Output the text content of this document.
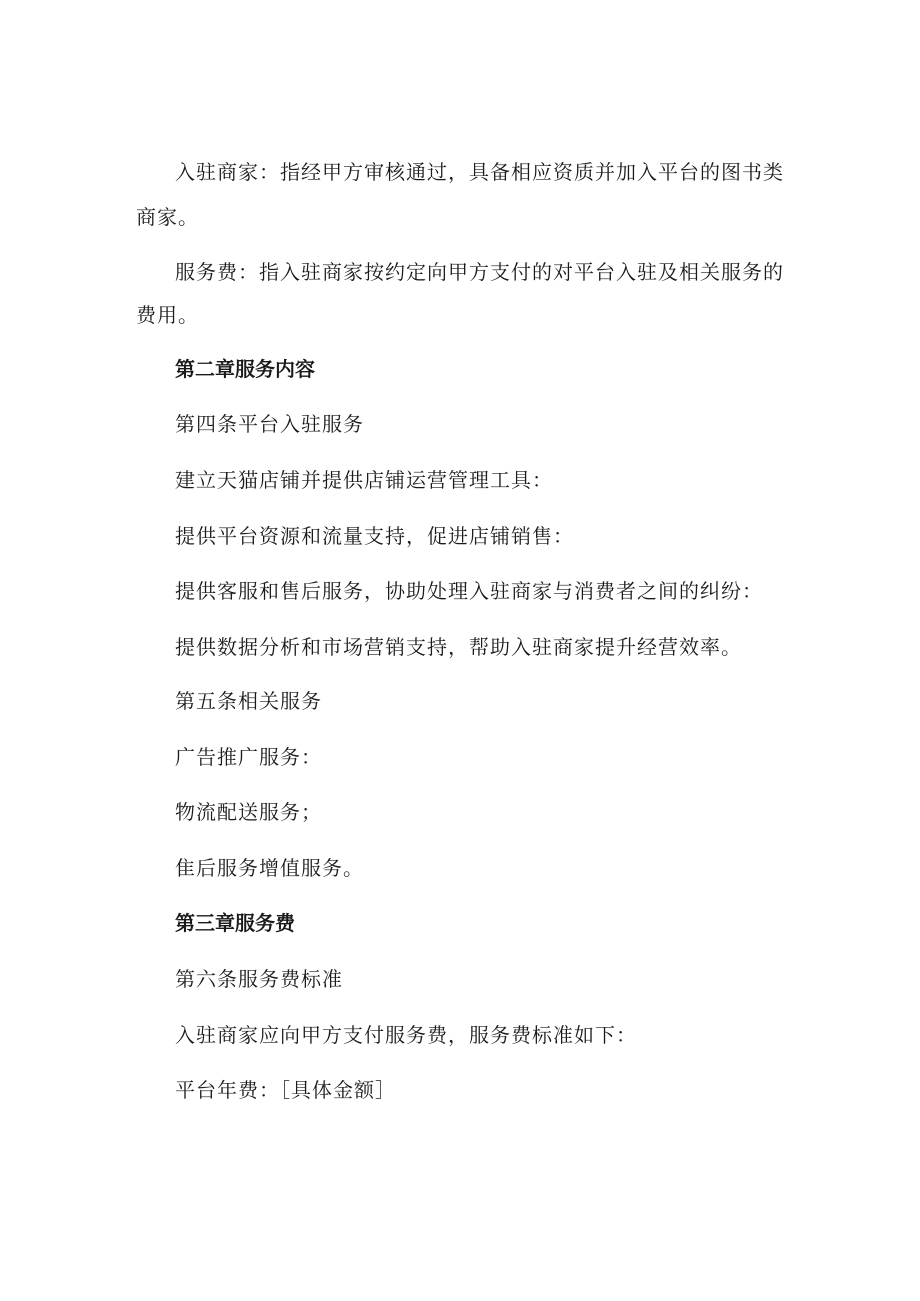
入驻商家：指经甲方审核通过，具备相应资质并加入平台的图书类
商家。
服务费：指入驻商家按约定向甲方支付的对平台入驻及相关服务的
费用。
第二章服务内容
第四条平台入驻服务
建立天猫店铺并提供店铺运营管理工具：
提供平台资源和流量支持，促进店铺销售：
提供客服和售后服务，协助处理入驻商家与消费者之间的纠纷：
提供数据分析和市场营销支持，帮助入驻商家提升经营效率。
第五条相关服务
广告推广服务：
物流配送服务；
隹后服务增值服务。
第三章服务费
第六条服务费标准
入驻商家应向甲方支付服务费，服务费标准如下：
平台年费：［具体金额］
